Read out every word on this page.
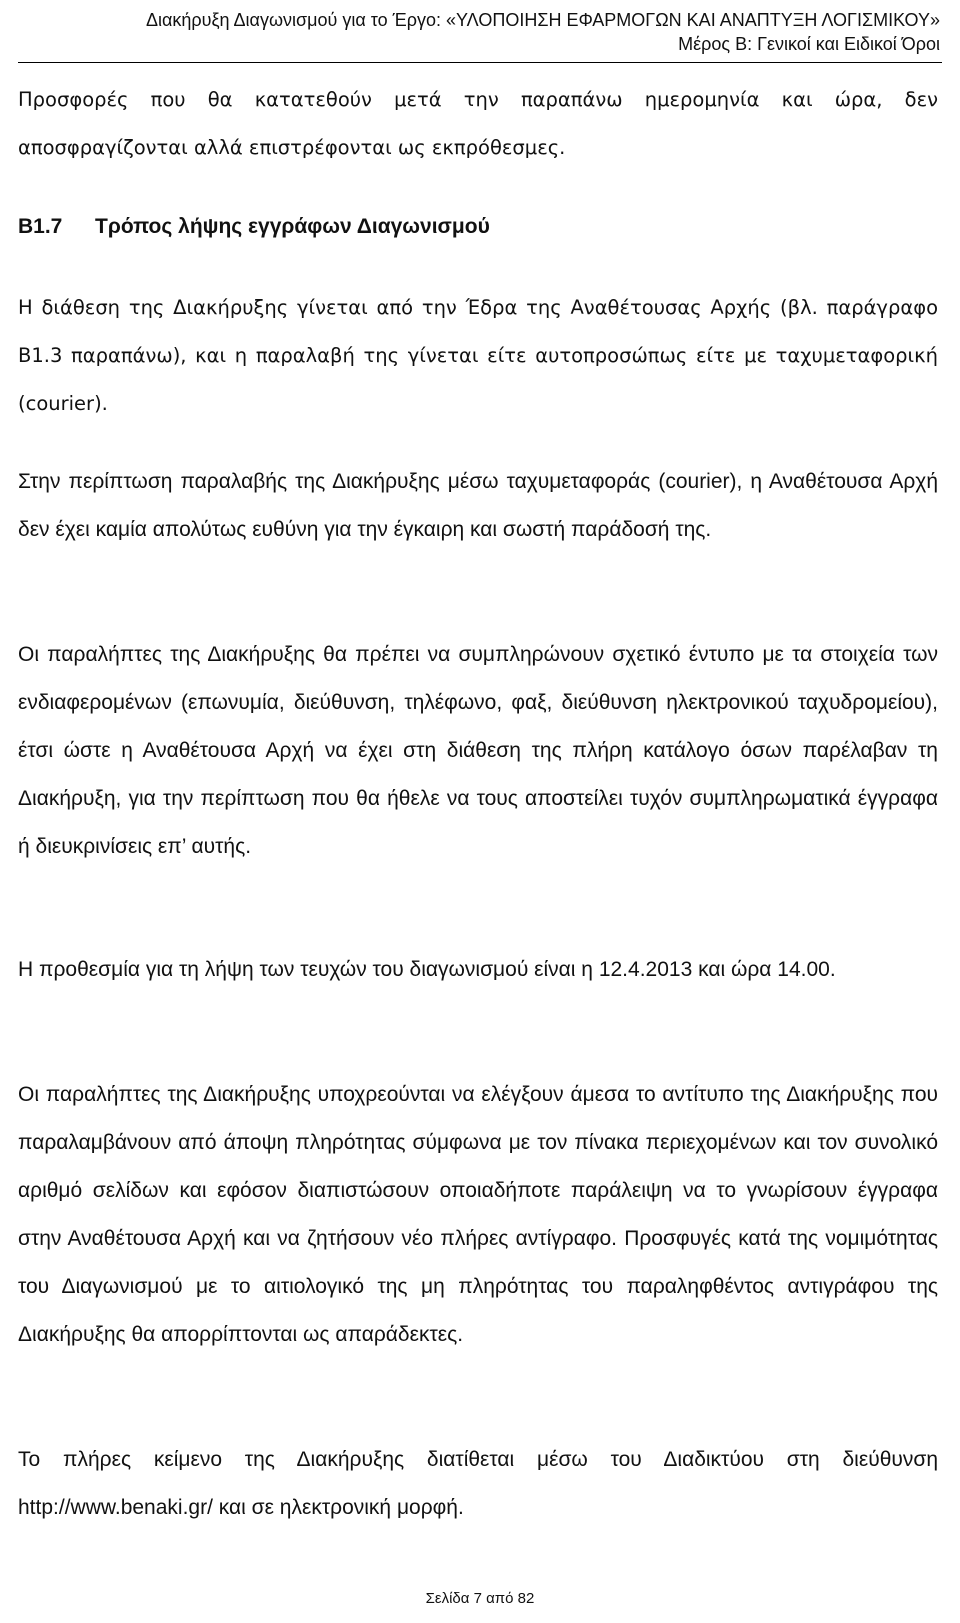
Διακήρυξη Διαγωνισμού για το Έργο: «ΥΛΟΠΟΙΗΣΗ ΕΦΑΡΜΟΓΩΝ ΚΑΙ ΑΝΑΠΤΥΞΗ ΛΟΓΙΣΜΙΚΟΥ»
Μέρος Β: Γενικοί και Ειδικοί Όροι
Προσφορές που θα κατατεθούν μετά την παραπάνω ημερομηνία και ώρα, δεν αποσφραγίζονται αλλά επιστρέφονται ως εκπρόθεσμες.
Β1.7 Τρόπος λήψης εγγράφων Διαγωνισμού
Η διάθεση της Διακήρυξης γίνεται από την Έδρα της Αναθέτουσας Αρχής (βλ. παράγραφο Β1.3 παραπάνω), και η παραλαβή της γίνεται είτε αυτοπροσώπως είτε με ταχυμεταφορική (courier).
Στην περίπτωση παραλαβής της Διακήρυξης μέσω ταχυμεταφοράς (courier), η Αναθέτουσα Αρχή δεν έχει καμία απολύτως ευθύνη για την έγκαιρη και σωστή παράδοσή της.
Οι παραλήπτες της Διακήρυξης θα πρέπει να συμπληρώνουν σχετικό έντυπο με τα στοιχεία των ενδιαφερομένων (επωνυμία, διεύθυνση, τηλέφωνο, φαξ, διεύθυνση ηλεκτρονικού ταχυδρομείου), έτσι ώστε η Αναθέτουσα Αρχή να έχει στη διάθεση της πλήρη κατάλογο όσων παρέλαβαν τη Διακήρυξη, για την περίπτωση που θα ήθελε να τους αποστείλει τυχόν συμπληρωματικά έγγραφα ή διευκρινίσεις επ’ αυτής.
Η προθεσμία για τη λήψη των τευχών του διαγωνισμού είναι η 12.4.2013 και ώρα 14.00.
Οι παραλήπτες της Διακήρυξης υποχρεούνται να ελέγξουν άμεσα το αντίτυπο της Διακήρυξης που παραλαμβάνουν από άποψη πληρότητας σύμφωνα με τον πίνακα περιεχομένων και τον συνολικό αριθμό σελίδων και εφόσον διαπιστώσουν οποιαδήποτε παράλειψη να το γνωρίσουν έγγραφα στην Αναθέτουσα Αρχή και να ζητήσουν νέο πλήρες αντίγραφο. Προσφυγές κατά της νομιμότητας του Διαγωνισμού με το αιτιολογικό της μη πληρότητας του παραληφθέντος αντιγράφου της Διακήρυξης θα απορρίπτονται ως απαράδεκτες.
Το πλήρες κείμενο της Διακήρυξης διατίθεται μέσω του Διαδικτύου στη διεύθυνση http://www.benaki.gr/ και σε ηλεκτρονική μορφή.
Σελίδα 7 από 82
